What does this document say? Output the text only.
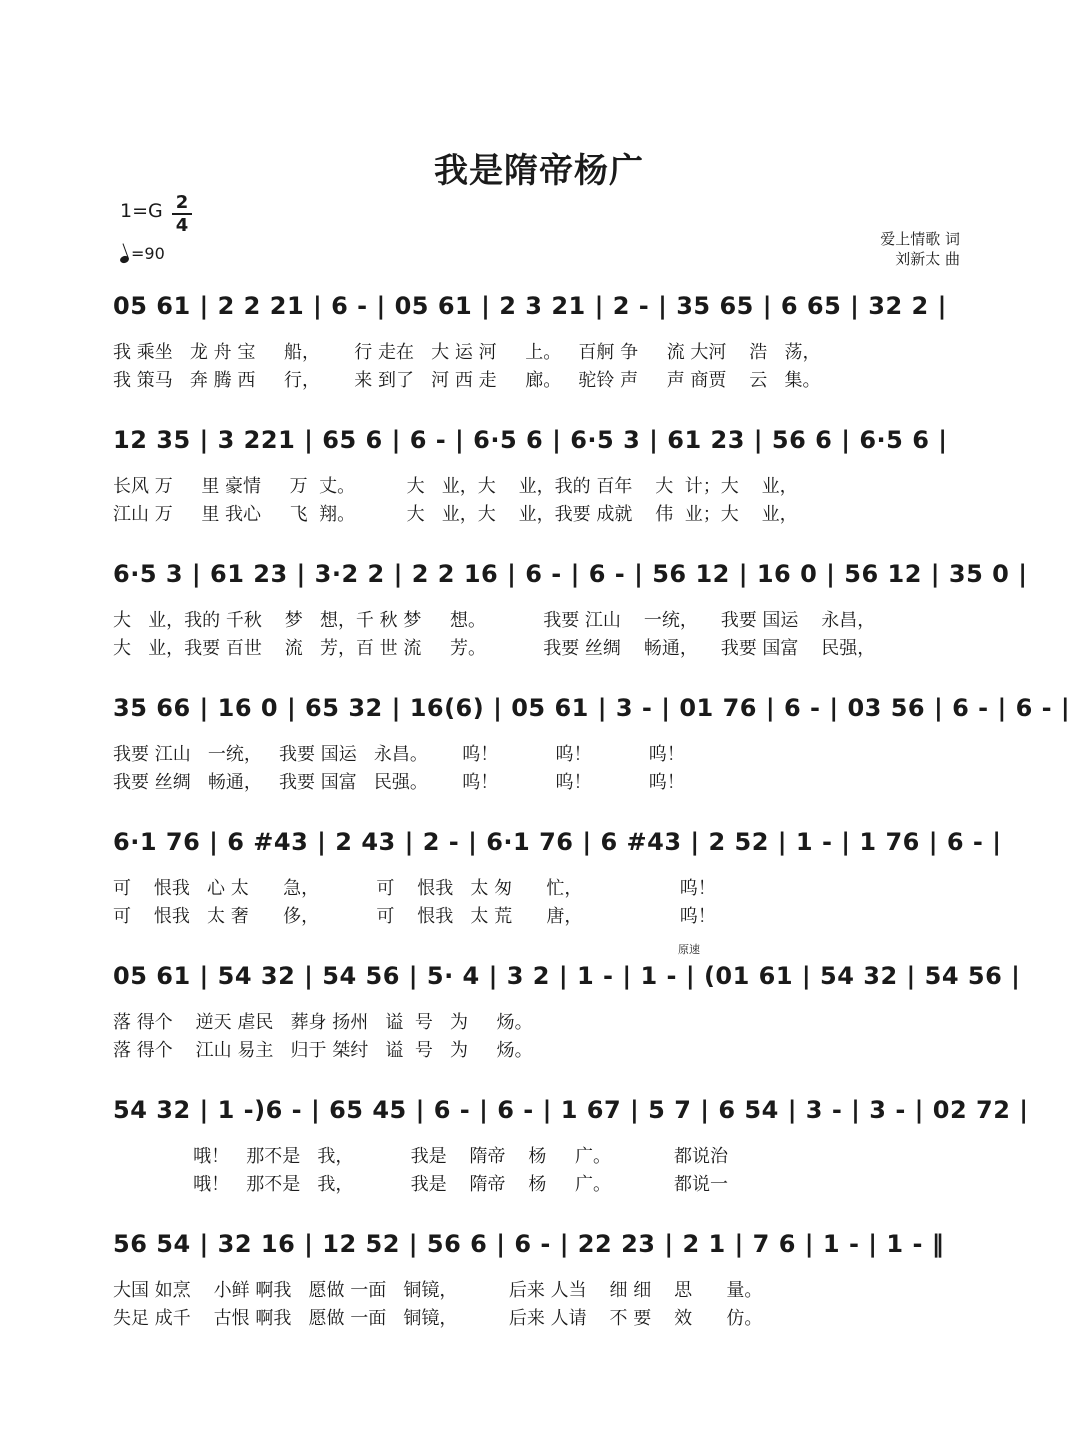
我是隋帝杨广
1=G 2
4
=90
爱上情歌 词
刘新太 曲
05 61 | 2 2 21 | 6 - | 05 61 | 2 3 21 | 2 - | 35 65 | 6 65 | 32 2 |
我 乘坐   龙 舟 宝     船，      行 走在   大 运 河     上。   百舸 争     流 大河    浩   荡，
我 策马   奔 腾 西     行，      来 到了   河 西 走     廊。   驼铃 声     声 商贾    云   集。
12 35 | 3 221 | 65 6 | 6 - | 6·5 6 | 6·5 3 | 61 23 | 56 6 | 6·5 6 |
长风 万     里 豪情     万  丈。         大   业，大    业，我的 百年    大  计；大    业，
江山 万     里 我心     飞  翔。         大   业，大    业，我要 成就    伟  业；大    业，
6·5 3 | 61 23 | 3·2 2 | 2 2 16 | 6 - | 6 - | 56 12 | 16 0 | 56 12 | 35 0 |
大   业，我的 千秋    梦   想，千 秋 梦     想。          我要 江山    一统，    我要 国运    永昌，
大   业，我要 百世    流   芳，百 世 流     芳。          我要 丝绸    畅通，    我要 国富    民强，
35 66 | 16 0 | 65 32 | 16(6) | 05 61 | 3 - | 01 76 | 6 - | 03 56 | 6 - | 6 - |
我要 江山   一统，   我要 国运   永昌。      呜！          呜！          呜！
我要 丝绸   畅通，   我要 国富   民强。      呜！          呜！          呜！
6·1 76 | 6 #43 | 2 43 | 2 - | 6·1 76 | 6 #43 | 2 52 | 1 - | 1 76 | 6 - |
可    恨我   心 太      急，          可    恨我   太 匆      忙，                 呜！
可    恨我   太 奢      侈，          可    恨我   太 荒      唐，                 呜！
原速
05 61 | 54 32 | 54 56 | 5· 4 | 3 2 | 1 - | 1 - | (01 61 | 54 32 | 54 56 |
落 得个    逆天 虐民   葬身 扬州   谥  号   为     炀。
落 得个    江山 易主   归于 桀纣   谥  号   为     炀。
54 32 | 1 -)6 - | 65 45 | 6 - | 6 - | 1 67 | 5 7 | 6 54 | 3 - | 3 - | 02 72 |
哦！   那不是   我，          我是    隋帝    杨     广。           都说治
哦！   那不是   我，          我是    隋帝    杨     广。           都说一
56 54 | 32 16 | 12 52 | 56 6 | 6 - | 22 23 | 2 1 | 7 6 | 1 - | 1 - ‖
大国 如烹    小鲜 啊我   愿做 一面   铜镜，         后来 人当    细 细    思      量。
失足 成千    古恨 啊我   愿做 一面   铜镜，         后来 人请    不 要    效      仿。
